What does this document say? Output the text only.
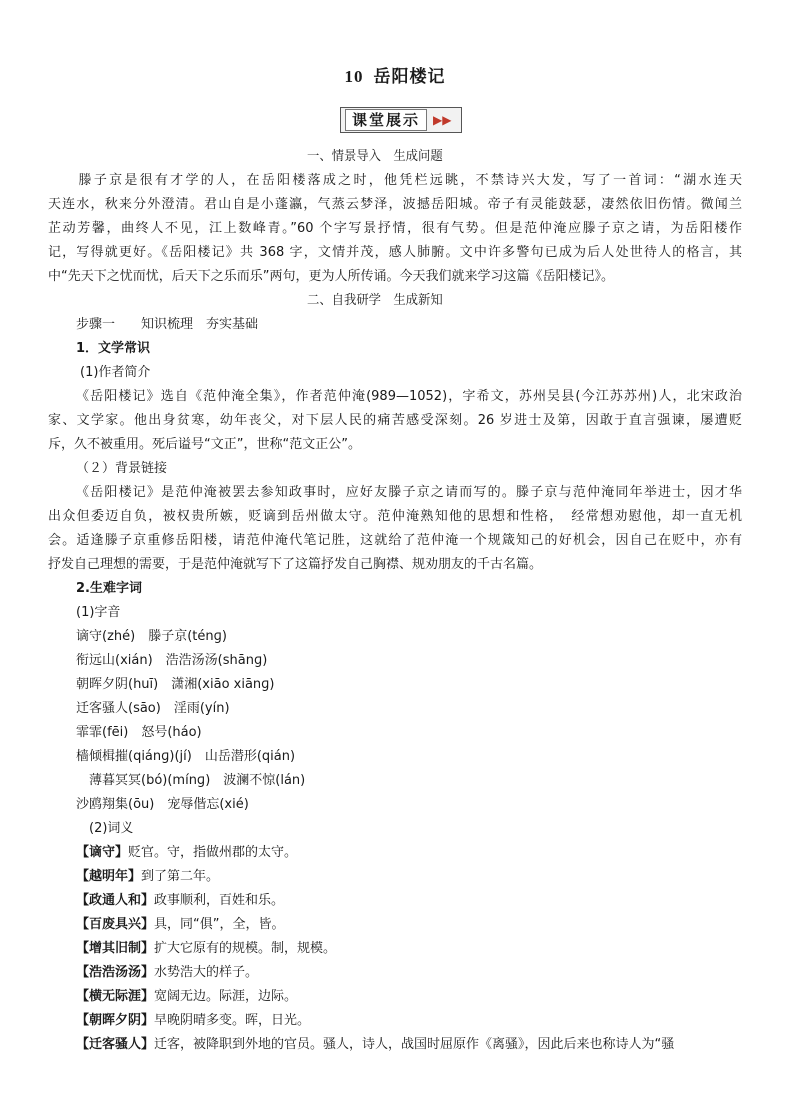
10 岳阳楼记
课堂展示	▶▶
一、情景导入　生成问题
　　滕子京是很有才学的人，在岳阳楼落成之时，他凭栏远眺，不禁诗兴大发，写了一首词：“湖水连天
天连水，秋来分外澄清。君山自是小蓬瀛，气蒸云梦泽，波撼岳阳城。帝子有灵能鼓瑟，凄然依旧伤情。微闻兰
芷动芳馨，曲终人不见，江上数峰青。”60 个字写景抒情，很有气势。但是范仲淹应滕子京之请，为岳阳楼作
记，写得就更好。《岳阳楼记》共 368 字，文情并茂，感人肺腑。文中许多警句已成为后人处世待人的格言，其
中“先天下之忧而忧，后天下之乐而乐”两句，更为人所传诵。今天我们就来学习这篇《岳阳楼记》。
二、自我研学　生成新知
步骤一　　知识梳理　夯实基础
1．文学常识
(1)作者简介
《岳阳楼记》选自《范仲淹全集》，作者范仲淹(989—1052)，字希文，苏州吴县(今江苏苏州)人，北宋政治
家、文学家。他出身贫寒，幼年丧父，对下层人民的痛苦感受深刻。26 岁进士及第，因敢于直言强谏，屡遭贬
斥，久不被重用。死后谥号“文正”，世称“范文正公”。
（２）背景链接
《岳阳楼记》是范仲淹被罢去参知政事时，应好友滕子京之请而写的。滕子京与范仲淹同年举进士，因才华
出众但委迈自负，被权贵所嫉，贬谪到岳州做太守。范仲淹熟知他的思想和性格，　经常想劝慰他，却一直无机
会。适逢滕子京重修岳阳楼，请范仲淹代笔记胜，这就给了范仲淹一个规箴知己的好机会，因自己在贬中，亦有
抒发自己理想的需要，于是范仲淹就写下了这篇抒发自己胸襟、规劝朋友的千古名篇。
2.生难字词
(1)字音
谪守(zhé)　滕子京(ténɡ)
衔远山(xián)　浩浩汤汤(shānɡ)
朝晖夕阴(huī)　潇湘(xiāo xiānɡ)
迁客骚人(sāo)　淫雨(yín)
霏霏(fēi)　怒号(háo)
樯倾楫摧(qiánɡ)(jí)　山岳潜形(qián)
　薄暮冥冥(bó)(mínɡ)　波澜不惊(lán)
沙鸥翔集(ōu)　宠辱偕忘(xié)
　(2)词义
【谪守】贬官。守，指做州郡的太守。
【越明年】到了第二年。
【政通人和】政事顺利，百姓和乐。
【百废具兴】具，同“俱”，全，皆。
【增其旧制】扩大它原有的规模。制，规模。
【浩浩汤汤】水势浩大的样子。
【横无际涯】宽阔无边。际涯，边际。
【朝晖夕阴】早晚阴晴多变。晖，日光。
【迁客骚人】迁客，被降职到外地的官员。骚人，诗人，战国时屈原作《离骚》，因此后来也称诗人为“骚
